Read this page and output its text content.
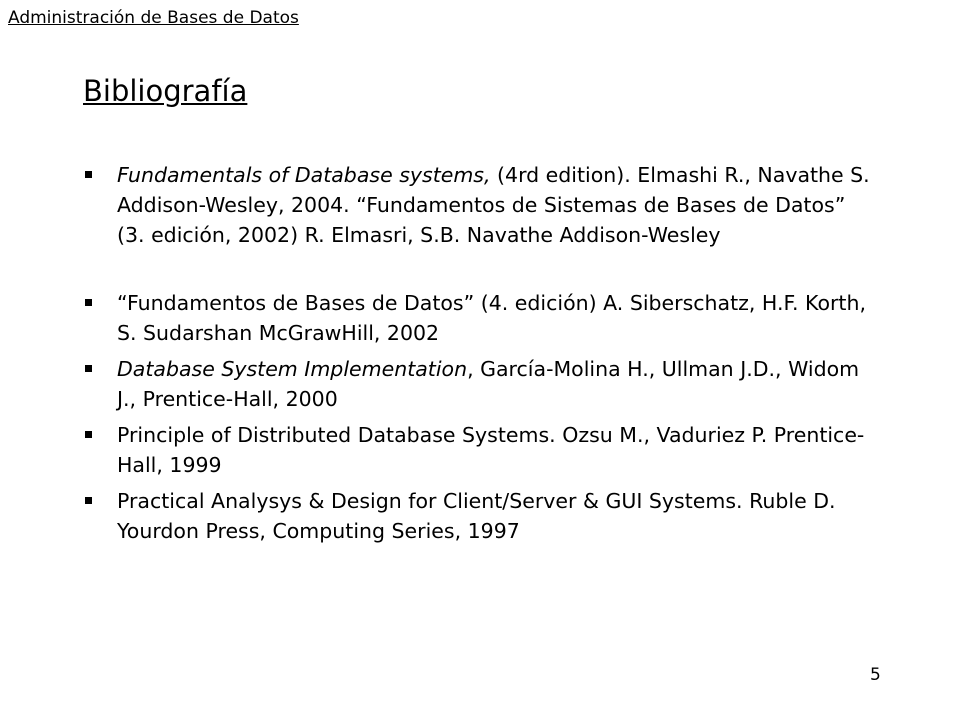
Administración de Bases de Datos
Bibliografía
Fundamentals of Database systems, (4rd edition). Elmashi R., Navathe S. Addison-Wesley, 2004. “Fundamentos de Sistemas de Bases de Datos” (3. edición, 2002) R. Elmasri, S.B. Navathe Addison-Wesley
“Fundamentos de Bases de Datos” (4. edición) A. Siberschatz, H.F. Korth, S. Sudarshan McGrawHill, 2002
Database System Implementation, García-Molina H., Ullman J.D., Widom J., Prentice-Hall, 2000
Principle of Distributed Database Systems. Ozsu M., Vaduriez P. Prentice-Hall, 1999
Practical Analysys & Design for Client/Server & GUI Systems. Ruble D. Yourdon Press, Computing Series, 1997
5
